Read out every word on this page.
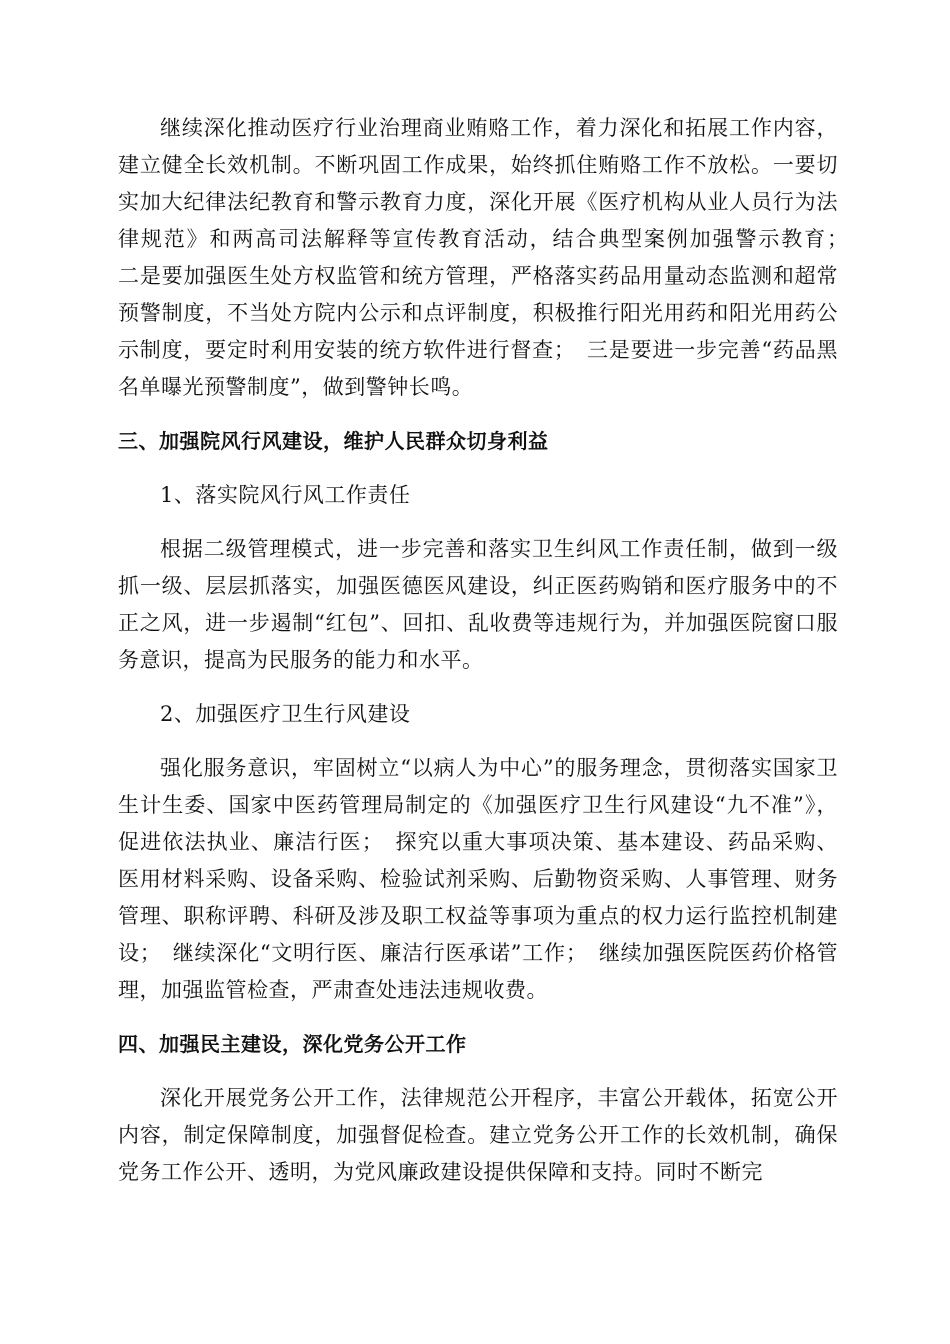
继续深化推动医疗行业治理商业贿赂工作，着力深化和拓展工作内容，建立健全长效机制。不断巩固工作成果，始终抓住贿赂工作不放松。一要切实加大纪律法纪教育和警示教育力度，深化开展《医疗机构从业人员行为法律规范》和两高司法解释等宣传教育活动，结合典型案例加强警示教育；　二是要加强医生处方权监管和统方管理，严格落实药品用量动态监测和超常预警制度，不当处方院内公示和点评制度，积极推行阳光用药和阳光用药公示制度，要定时利用安装的统方软件进行督查；　三是要进一步完善“药品黑名单曝光预警制度”，做到警钟长鸣。

三、加强院风行风建设，维护人民群众切身利益

1、落实院风行风工作责任

根据二级管理模式，进一步完善和落实卫生纠风工作责任制，做到一级抓一级、层层抓落实，加强医德医风建设，纠正医药购销和医疗服务中的不正之风，进一步遏制“红包”、回扣、乱收费等违规行为，并加强医院窗口服务意识，提高为民服务的能力和水平。

2、加强医疗卫生行风建设

强化服务意识，牢固树立“以病人为中心”的服务理念，贯彻落实国家卫生计生委、国家中医药管理局制定的《加强医疗卫生行风建设“九不准”》，促进依法执业、廉洁行医；　探究以重大事项决策、基本建设、药品采购、医用材料采购、设备采购、检验试剂采购、后勤物资采购、人事管理、财务管理、职称评聘、科研及涉及职工权益等事项为重点的权力运行监控机制建设；　继续深化“文明行医、廉洁行医承诺”工作；　继续加强医院医药价格管理，加强监管检查，严肃查处违法违规收费。

四、加强民主建设，深化党务公开工作

深化开展党务公开工作，法律规范公开程序，丰富公开载体，拓宽公开内容，制定保障制度，加强督促检查。建立党务公开工作的长效机制，确保党务工作公开、透明，为党风廉政建设提供保障和支持。同时不断完
